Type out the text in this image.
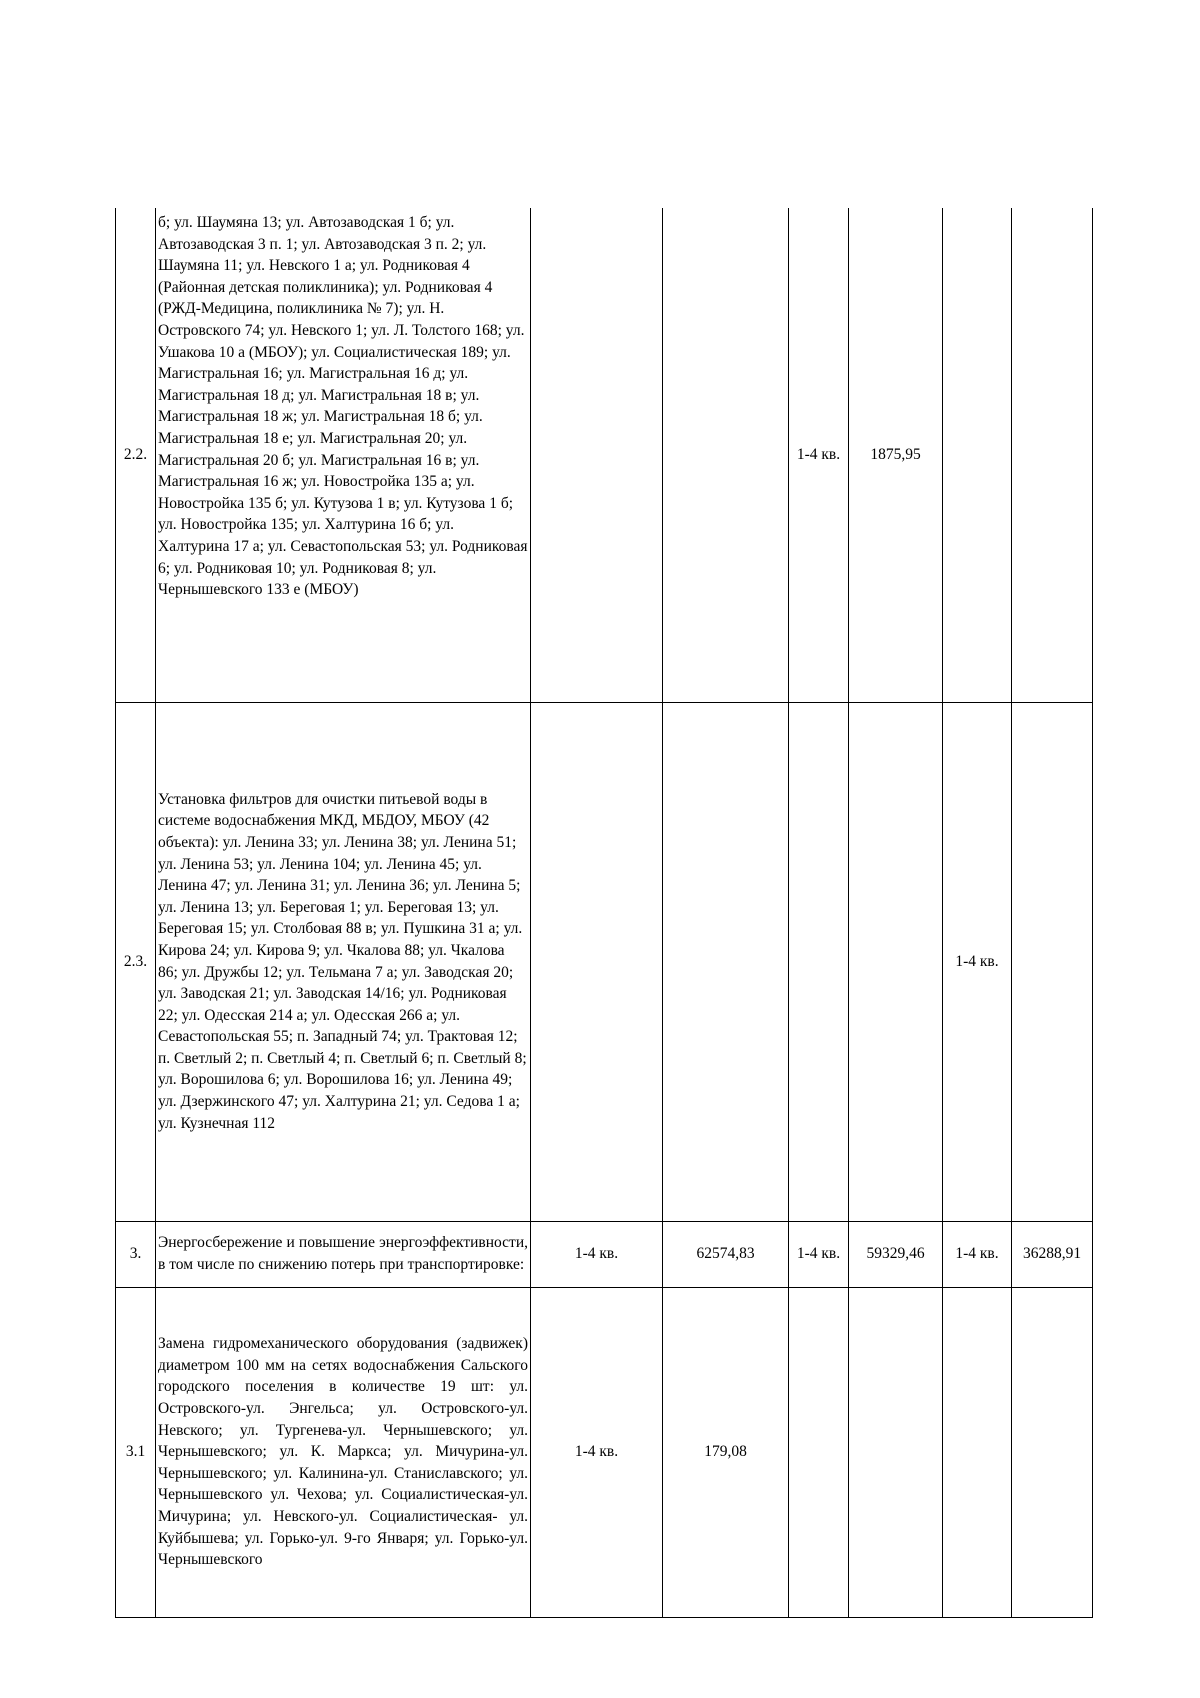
2.2.	б; ул. Шаумяна 13; ул. Автозаводская 1 б; ул. Автозаводская 3 п. 1; ул. Автозаводская 3 п. 2; ул. Шаумяна 11; ул. Невского 1 а; ул. Родниковая 4 (Районная детская поликлиника); ул. Родниковая 4 (РЖД-Медицина, поликлиника № 7); ул. Н. Островского 74; ул. Невского 1; ул. Л. Толстого 168; ул. Ушакова 10 а (МБОУ); ул. Социалистическая 189; ул. Магистральная 16; ул. Магистральная 16 д; ул. Магистральная 18 д; ул. Магистральная 18 в; ул. Магистральная 18 ж; ул. Магистральная 18 б; ул. Магистральная 18 е; ул. Магистральная 20; ул. Магистральная 20 б; ул. Магистральная 16 в; ул. Магистральная 16 ж; ул. Новостройка 135 а; ул. Новостройка 135 б; ул. Кутузова 1 в; ул. Кутузова 1 б; ул. Новостройка 135; ул. Халтурина 16 б; ул. Халтурина 17 а; ул. Севастопольская 53; ул. Родниковая 6; ул. Родниковая 10; ул. Родниковая 8; ул. Чернышевского 133 е (МБОУ)			1-4 кв.	1875,95		
2.3.	Установка фильтров для очистки питьевой воды в системе водоснабжения МКД, МБДОУ, МБОУ (42 объекта): ул. Ленина 33; ул. Ленина 38; ул. Ленина 51; ул. Ленина 53; ул. Ленина 104; ул. Ленина 45; ул. Ленина 47; ул. Ленина 31; ул. Ленина 36; ул. Ленина 5; ул. Ленина 13; ул. Береговая 1; ул. Береговая 13; ул. Береговая 15; ул. Столбовая 88 в; ул. Пушкина 31 а; ул. Кирова 24; ул. Кирова 9; ул. Чкалова 88; ул. Чкалова 86; ул. Дружбы 12; ул. Тельмана 7 а; ул. Заводская 20; ул. Заводская 21; ул. Заводская 14/16; ул. Родниковая 22; ул. Одесская 214 а; ул. Одесская 266 а; ул. Севастопольская 55; п. Западный 74; ул. Трактовая 12; п. Светлый 2; п. Светлый 4; п. Светлый 6; п. Светлый 8; ул. Ворошилова 6; ул. Ворошилова 16; ул. Ленина 49; ул. Дзержинского 47; ул. Халтурина 21; ул. Седова 1 а; ул. Кузнечная 112					1-4 кв.	
3.	Энергосбережение и повышение энергоэффективности, в том числе по снижению потерь при транспортировке:	1-4 кв.	62574,83	1-4 кв.	59329,46	1-4 кв.	36288,91
3.1	Замена гидромеханического оборудования (задвижек) диаметром 100 мм на сетях водоснабжения Сальского городского поселения в количестве 19 шт: ул. Островского-ул. Энгельса; ул. Островского-ул. Невского; ул. Тургенева-ул. Чернышевского; ул. Чернышевского; ул. К. Маркса; ул. Мичурина-ул. Чернышевского; ул. Калинина-ул. Станиславского; ул. Чернышевского ул. Чехова; ул. Социалистическая-ул. Мичурина; ул. Невского-ул. Социалистическая- ул. Куйбышева; ул. Горько-ул. 9-го Января; ул. Горько-ул. Чернышевского	1-4 кв.	179,08				
